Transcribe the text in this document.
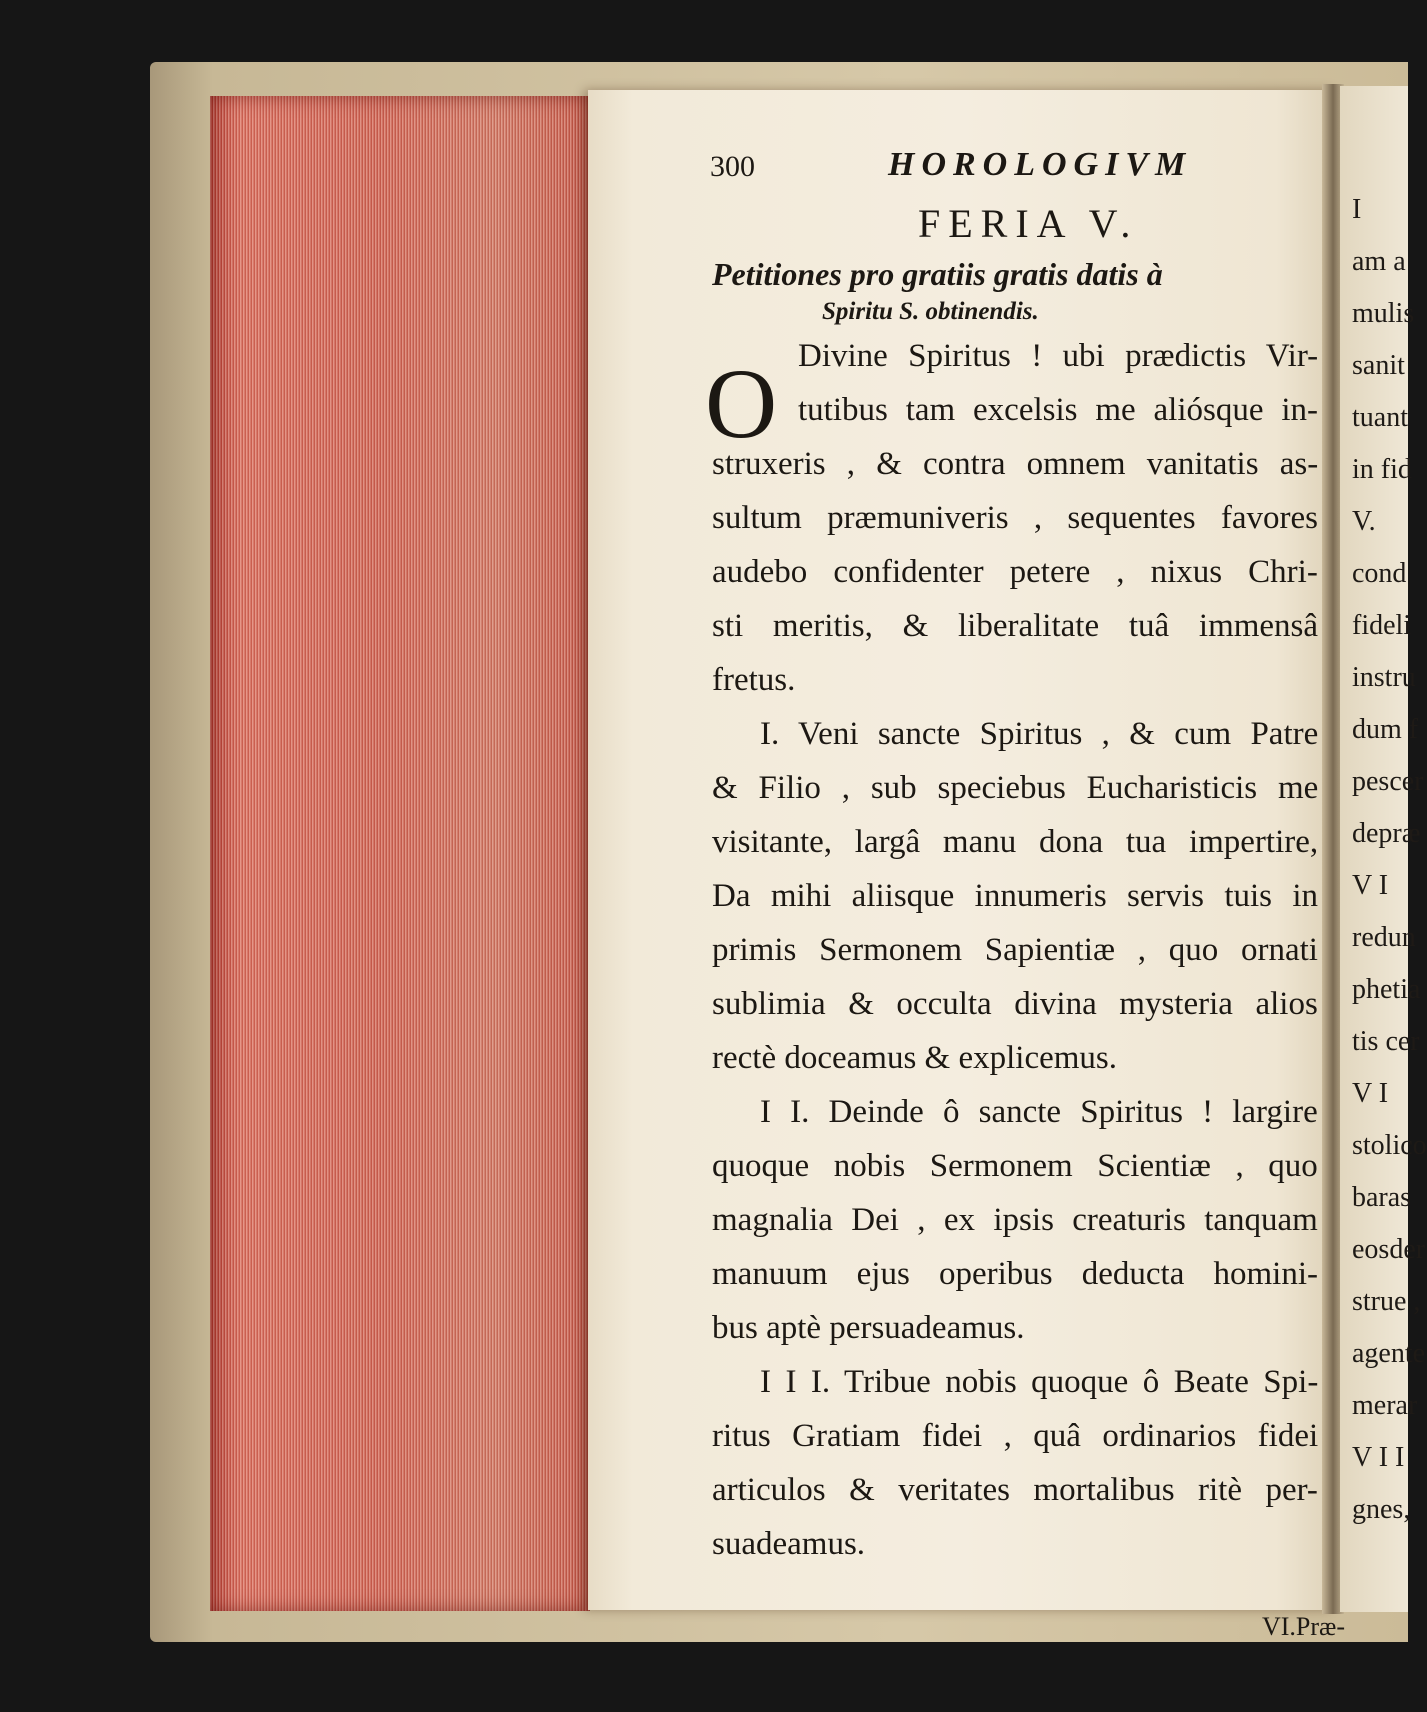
I
am a
mulis
sanit
tuant
in fid
V.
cond
fideli
instru
dum f
pescer
depræ
V I
redun
phetia
tis cer
V I
stolico
baras
eosder
strue ,
agente
merar
V I I
gnes,
300	HOROLOGIVM
FERIA V.
Petitiones pro gratiis gratis datis à
Spiritu S. obtinendis.
O Divine Spiritus ! ubi prædictis Vir-
tutibus tam excelsis me aliósque in-
struxeris , & contra omnem vanitatis as-
sultum præmuniveris , sequentes favores
audebo confidenter petere , nixus Chri-
sti meritis, & liberalitate tuâ immensâ
fretus.
I. Veni sancte Spiritus , & cum Patre
& Filio , sub speciebus Eucharisticis me
visitante, largâ manu dona tua impertire,
Da mihi aliisque innumeris servis tuis in
primis Sermonem Sapientiæ , quo ornati
sublimia & occulta divina mysteria alios
rectè doceamus & explicemus.
I I. Deinde ô sancte Spiritus ! largire
quoque nobis Sermonem Scientiæ , quo
magnalia Dei , ex ipsis creaturis tanquam
manuum ejus operibus deducta homini-
bus aptè persuadeamus.
I I I. Tribue nobis quoque ô Beate Spi-
ritus Gratiam fidei , quâ ordinarios fidei
articulos & veritates mortalibus ritè per-
suadeamus.
VI.Præ-
